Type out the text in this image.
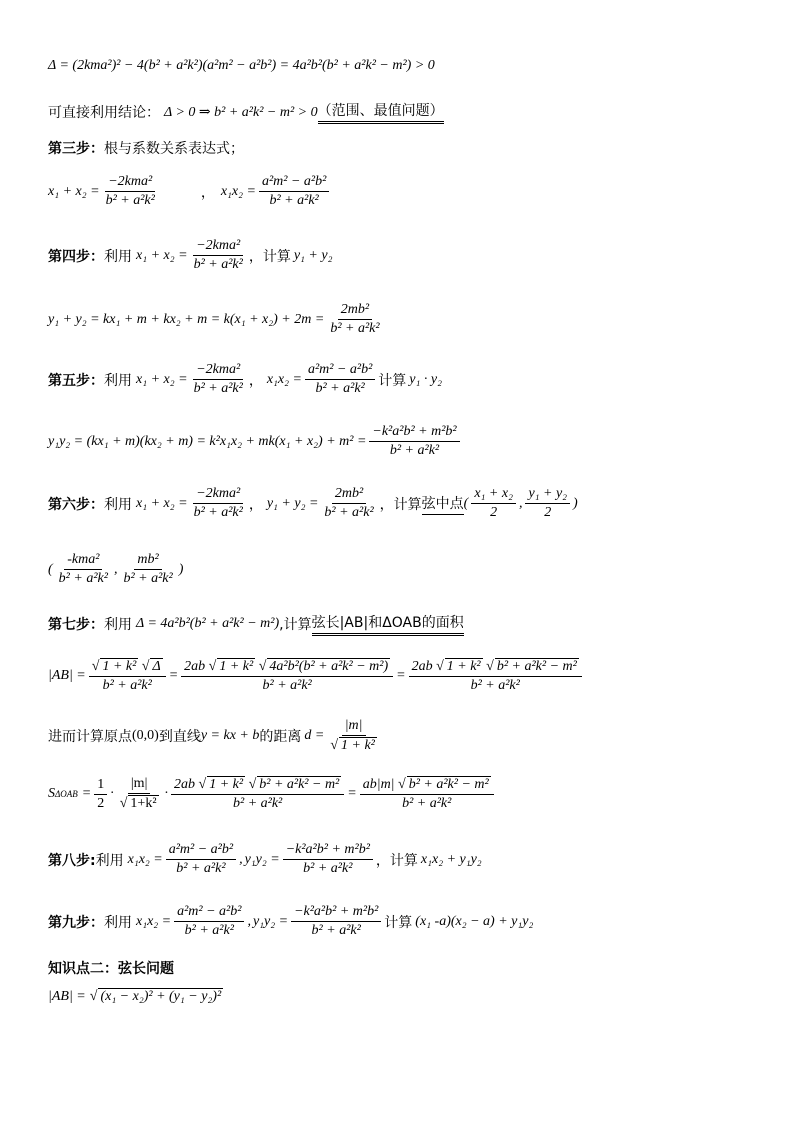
Δ = (2kma²)² − 4(b² + a²k²)(a²m² − a²b²) = 4a²b²(b² + a²k² − m²) > 0
可直接利用结论： Δ > 0 ⇒ b² + a²k² − m² > 0 （范围、最值问题）
第三步： 根与系数关系表达式；
$x_1 + x_2 = \frac{\text{−2kma²}}{\text{b² + a²k²}}$	， $x_1x_2 = \frac{\text{a²m² − a²b²}}{\text{b² + a²k²}}$
第四步： 利用 $x_1 + x_2 = \frac{\text{−2kma²}}{\text{b² + a²k²}}$ ，计算 y₁ + y₂
$y_1 + y_2 = kx_1 + m + kx_2 + m = k(x_1 + x_2) + 2m = \frac{\text{2mb²}}{\text{b² + a²k²}}$
第五步： 利用 $x_1 + x_2 = \frac{\text{−2kma²}}{\text{b² + a²k²}}$ ， $x_1x_2 = \frac{\text{a²m² − a²b²}}{\text{b² + a²k²}}$ 计算 y₁ · y₂
$y_1y_2 = (kx_1 + m)(kx_2 + m) = k^2x_1x_2 + mk(x_1 + x_2) + m^2 = \frac{\text{−k²a²b² + m²b²}}{\text{b² + a²k²}}$
第六步： 利用 $x_1 + x_2 = \frac{\text{−2kma²}}{\text{b² + a²k²}}$ ， $y_1 + y_2 = \frac{\text{2mb²}}{\text{b² + a²k²}}$ ，计算 弦中点 ( $\frac{\text{x₁ + x₂}}{2}$ , $\frac{\text{y₁ + y₂}}{2}$ )
( $\frac{\text{-kma²}}{\text{b² + a²k²}}$ , $\frac{\text{mb²}}{\text{b² + a²k²}}$ )
第七步： 利用 Δ = 4a²b²(b² + a²k² − m²) ,计算 弦长|AB|和ΔOAB的面积
$|AB| = \frac{\text{√ 1 + k² √ Δ}}{\text{b² + a²k²}} = \frac{\text{2ab √ 1 + k² √ 4a²b²(b² + a²k² − m²)}}{\text{b² + a²k²}} = \frac{\text{2ab √ 1 + k² √ b² + a²k² − m²}}{\text{b² + a²k²}}$
进而计算原点 (0,0) 到直线 y = kx + b 的距离 $d = \frac{|m|}{\text{√ 1 + k²}}$
S $\Delta OAB = \frac{1}{2} \cdot \frac{|m|}{\text{√ 1+k²}} \cdot \frac{\text{2ab √ 1 + k² √ b² + a²k² − m²}}{\text{b² + a²k²}} = \frac{\text{ab|m| √ b² + a²k² − m²}}{\text{b² + a²k²}}$
第八步: 利用 $x_1x_2 = \frac{\text{a²m² − a²b²}}{\text{b² + a²k²}}$ , $y_1y_2 = \frac{\text{−k²a²b² + m²b²}}{\text{b² + a²k²}}$ ，计算 x₁x₂ + y₁y₂
第九步： 利用 $x_1x_2 = \frac{\text{a²m² − a²b²}}{\text{b² + a²k²}}$ , $y_1y_2 = \frac{\text{−k²a²b² + m²b²}}{\text{b² + a²k²}}$ 计算 (x₁ -a)(x₂ − a) + y₁y₂
知识点二：弦长问题
|AB| = √ (x₁ − x₂)² + (y₁ − y₂)²
